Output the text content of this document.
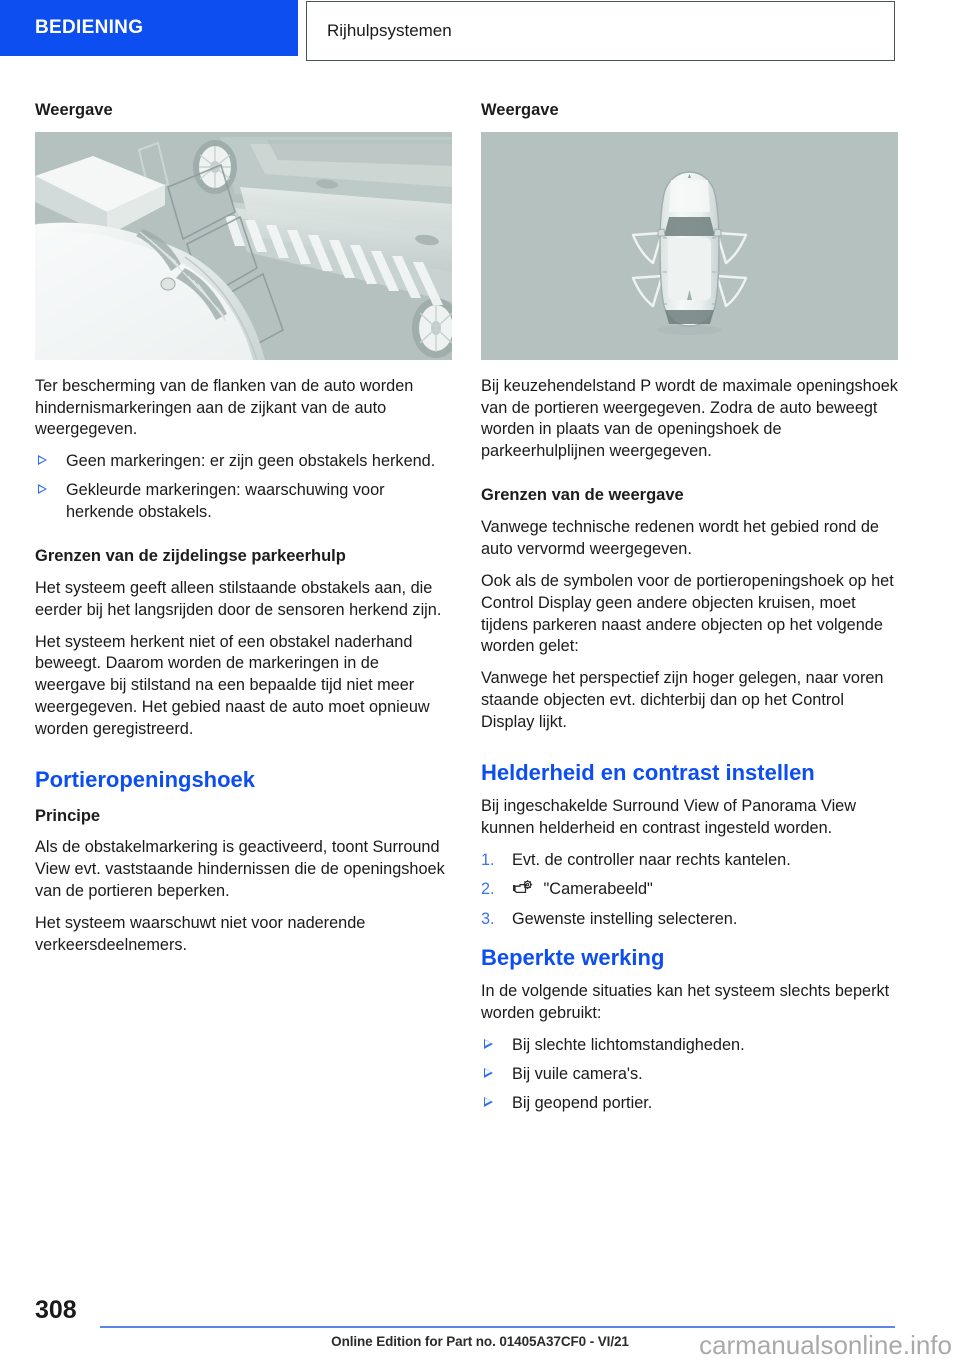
BEDIENING	Rijhulpsystemen
Weergave

Ter bescherming van de flanken van de auto worden hindernismarkeringen aan de zijkant van de auto weergegeven.

Geen markeringen: er zijn geen obstakels herkend.
Gekleurde markeringen: waarschuwing voor herkende obstakels.
Grenzen van de zijdelingse parkeerhulp

Het systeem geeft alleen stilstaande obstakels aan, die eerder bij het langsrijden door de sensoren herkend zijn.

Het systeem herkent niet of een obstakel naderhand beweegt. Daarom worden de markeringen in de weergave bij stilstand na een bepaalde tijd niet meer weergegeven. Het gebied naast de auto moet opnieuw worden geregistreerd.

Portieropeningshoek
Principe

Als de obstakelmarkering is geactiveerd, toont Surround View evt. vaststaande hindernissen die de openingshoek van de portieren beperken.

Het systeem waarschuwt niet voor naderende verkeersdeelnemers.

Weergave

Bij keuzehendelstand P wordt de maximale openingshoek van de portieren weergegeven. Zodra de auto beweegt worden in plaats van de openingshoek de parkeerhulplijnen weergegeven.

Grenzen van de weergave

Vanwege technische redenen wordt het gebied rond de auto vervormd weergegeven.

Ook als de symbolen voor de portieropeningshoek op het Control Display geen andere objecten kruisen, moet tijdens parkeren naast andere objecten op het volgende worden gelet:

Vanwege het perspectief zijn hoger gelegen, naar voren staande objecten evt. dichterbij dan op het Control Display lijkt.

Helderheid en contrast instellen

Bij ingeschakelde Surround View of Panorama View kunnen helderheid en contrast ingesteld worden.

1. Evt. de controller naar rechts kantelen.
2.	"Camerabeeld"
3. Gewenste instelling selecteren.
Beperkte werking

In de volgende situaties kan het systeem slechts beperkt worden gebruikt:

Bij slechte lichtomstandigheden.
Bij vuile camera's.
Bij geopend portier.
308
Online Edition for Part no. 01405A37CF0 - VI/21	carmanualsonline.info
